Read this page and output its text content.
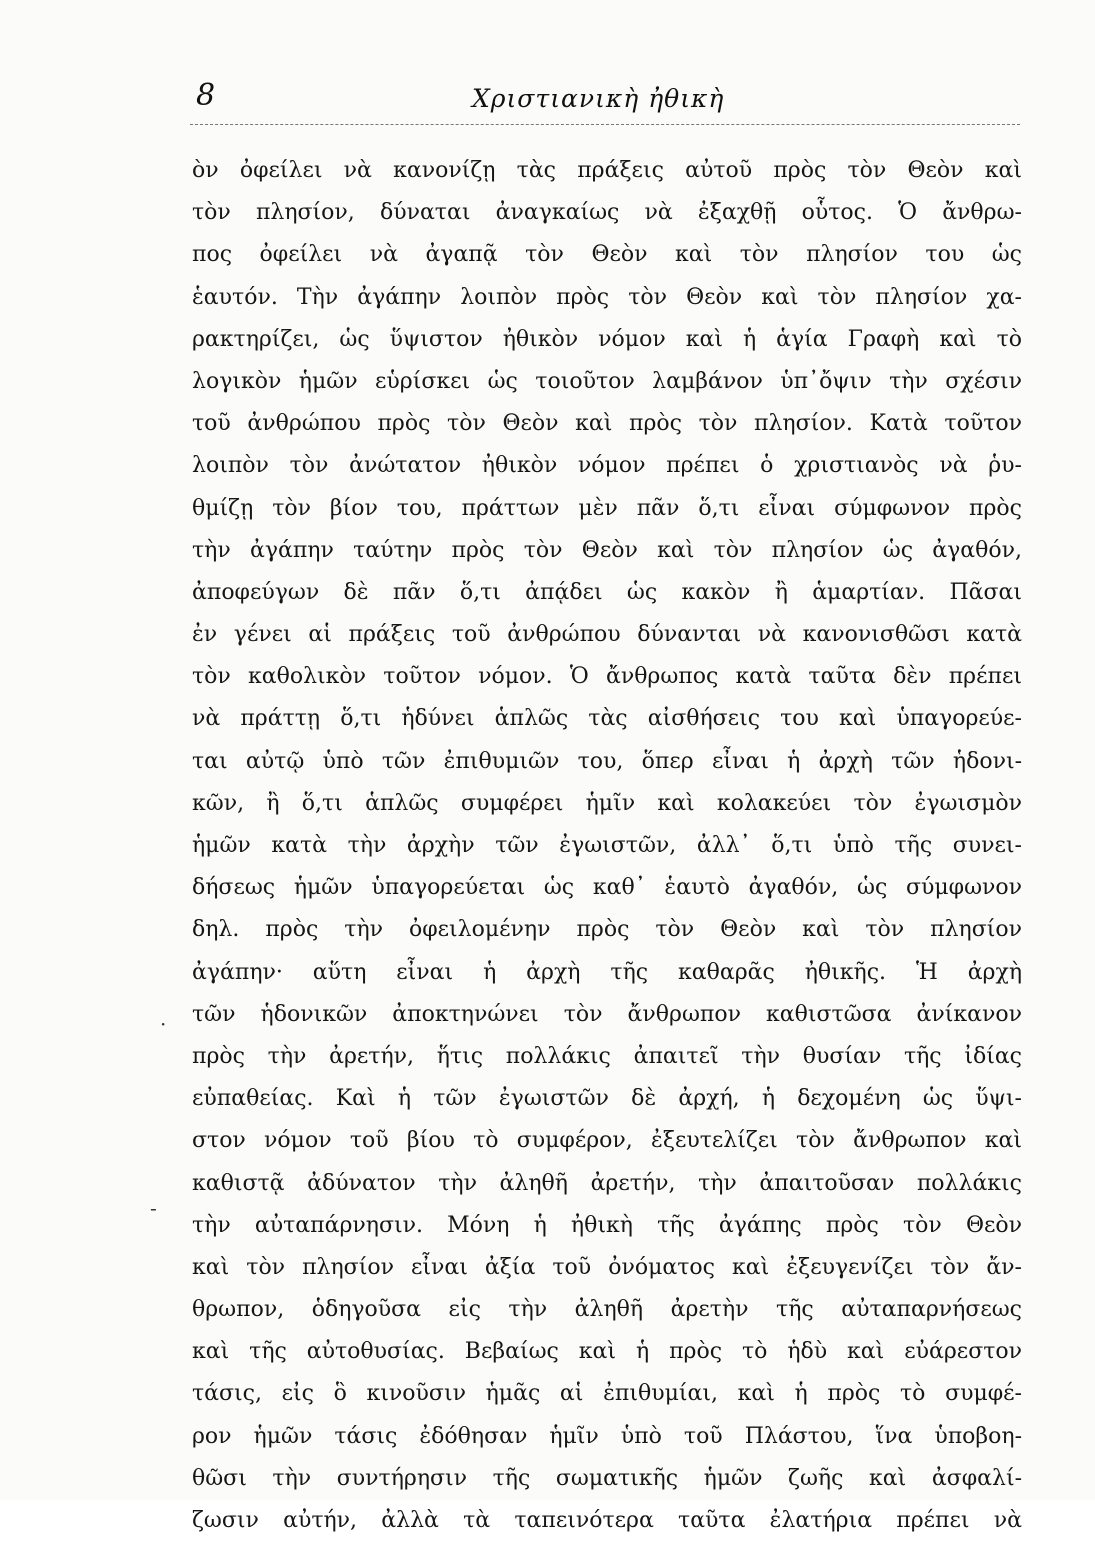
8	Χριστιανικὴ ἠθικὴ
ὸν ὀφείλει νὰ κανονίζῃ τὰς πράξεις αὐτοῦ πρὸς τὸν Θεὸν καὶ
τὸν πλησίον, δύναται ἀναγκαίως νὰ ἐξαχθῇ οὗτος. Ὁ ἄνθρω-
πος ὀφείλει νὰ ἀγαπᾷ τὸν Θεὸν καὶ τὸν πλησίον του ὡς
ἑαυτόν. Τὴν ἀγάπην λοιπὸν πρὸς τὸν Θεὸν καὶ τὸν πλησίον χα-
ρακτηρίζει, ὡς ὕψιστον ἠθικὸν νόμον καὶ ἡ ἁγία Γραφὴ καὶ τὸ
λογικὸν ἡμῶν εὑρίσκει ὡς τοιοῦτον λαμβάνον ὑπ᾽ὄψιν τὴν σχέσιν
τοῦ ἀνθρώπου πρὸς τὸν Θεὸν καὶ πρὸς τὸν πλησίον. Κατὰ τοῦτον
λοιπὸν τὸν ἀνώτατον ἠθικὸν νόμον πρέπει ὁ χριστιανὸς νὰ ῥυ-
θμίζῃ τὸν βίον του, πράττων μὲν πᾶν ὅ,τι εἶναι σύμφωνον πρὸς
τὴν ἀγάπην ταύτην πρὸς τὸν Θεὸν καὶ τὸν πλησίον ὡς ἀγαθόν,
ἀποφεύγων δὲ πᾶν ὅ,τι ἀπᾴδει ὡς κακὸν ἢ ἁμαρτίαν. Πᾶσαι
ἐν γένει αἱ πράξεις τοῦ ἀνθρώπου δύνανται νὰ κανονισθῶσι κατὰ
τὸν καθολικὸν τοῦτον νόμον. Ὁ ἄνθρωπος κατὰ ταῦτα δὲν πρέπει
νὰ πράττῃ ὅ,τι ἡδύνει ἁπλῶς τὰς αἰσθήσεις του καὶ ὑπαγορεύε-
ται αὐτῷ ὑπὸ τῶν ἐπιθυμιῶν του, ὅπερ εἶναι ἡ ἀρχὴ τῶν ἡδονι-
κῶν, ἢ ὅ,τι ἁπλῶς συμφέρει ἡμῖν καὶ κολακεύει τὸν ἐγωισμὸν
ἡμῶν κατὰ τὴν ἀρχὴν τῶν ἐγωιστῶν, ἀλλ᾽ ὅ,τι ὑπὸ τῆς συνει-
δήσεως ἡμῶν ὑπαγορεύεται ὡς καθ᾽ ἑαυτὸ ἀγαθόν, ὡς σύμφωνον
δηλ. πρὸς τὴν ὀφειλομένην πρὸς τὸν Θεὸν καὶ τὸν πλησίον
ἀγάπην· αὕτη εἶναι ἡ ἀρχὴ τῆς καθαρᾶς ἠθικῆς. Ἡ ἀρχὴ
τῶν ἡδονικῶν ἀποκτηνώνει τὸν ἄνθρωπον καθιστῶσα ἀνίκανον
πρὸς τὴν ἀρετήν, ἥτις πολλάκις ἀπαιτεῖ τὴν θυσίαν τῆς ἰδίας
εὐπαθείας. Καὶ ἡ τῶν ἐγωιστῶν δὲ ἀρχή, ἡ δεχομένη ὡς ὕψι-
στον νόμον τοῦ βίου τὸ συμφέρον, ἐξευτελίζει τὸν ἄνθρωπον καὶ
καθιστᾷ ἀδύνατον τὴν ἀληθῆ ἀρετήν, τὴν ἀπαιτοῦσαν πολλάκις
τὴν αὐταπάρνησιν. Μόνη ἡ ἠθικὴ τῆς ἀγάπης πρὸς τὸν Θεὸν
καὶ τὸν πλησίον εἶναι ἀξία τοῦ ὀνόματος καὶ ἐξευγενίζει τὸν ἄν-
θρωπον, ὁδηγοῦσα εἰς τὴν ἀληθῆ ἀρετὴν τῆς αὐταπαρνήσεως
καὶ τῆς αὐτοθυσίας. Βεβαίως καὶ ἡ πρὸς τὸ ἡδὺ καὶ εὐάρεστον
τάσις, εἰς ὃ κινοῦσιν ἡμᾶς αἱ ἐπιθυμίαι, καὶ ἡ πρὸς τὸ συμφέ-
ρον ἡμῶν τάσις ἐδόθησαν ἡμῖν ὑπὸ τοῦ Πλάστου, ἵνα ὑποβοη-
θῶσι τὴν συντήρησιν τῆς σωματικῆς ἡμῶν ζωῆς καὶ ἀσφαλί-
ζωσιν αὐτήν, ἀλλὰ τὰ ταπεινότερα ταῦτα ἐλατήρια πρέπει νὰ
·
-
